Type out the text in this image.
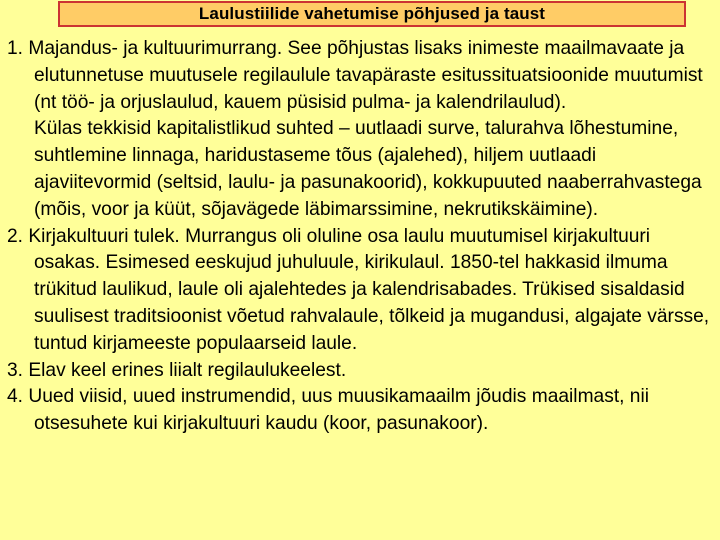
Laulustiilide vahetumise põhjused ja taust

1. Majandus- ja kultuurimurrang. See põhjustas lisaks inimeste maailmavaate ja elutunnetuse muutusele regilaulule tavapäraste esitussituatsioonide muutumist (nt töö- ja orjuslaulud, kauem püsisid pulma- ja kalendrilaulud).

Külas tekkisid kapitalistlikud suhted – uutlaadi surve, talurahva lõhestumine, suhtlemine linnaga, haridustaseme tõus (ajalehed), hiljem uutlaadi ajaviitevormid (seltsid, laulu- ja pasunakoorid), kokkupuuted naaberrahvastega (mõis, voor ja küüt, sõjavägede läbimarssimine, nekrutikskäimine).

2. Kirjakultuuri tulek. Murrangus oli oluline osa laulu muutumisel kirjakultuuri osakas. Esimesed eeskujud juhuluule, kirikulaul. 1850-tel hakkasid ilmuma trükitud laulikud, laule oli ajalehtedes ja kalendrisabades. Trükised sisaldasid suulisest traditsioonist võetud rahvalaule, tõlkeid ja mugandusi, algajate värsse, tuntud kirjameeste populaarseid laule.

3. Elav keel erines liialt regilaulukeelest.

4. Uued viisid, uued instrumendid, uus muusikamaailm jõudis maailmast, nii otsesuhete kui kirjakultuuri kaudu (koor, pasunakoor).
